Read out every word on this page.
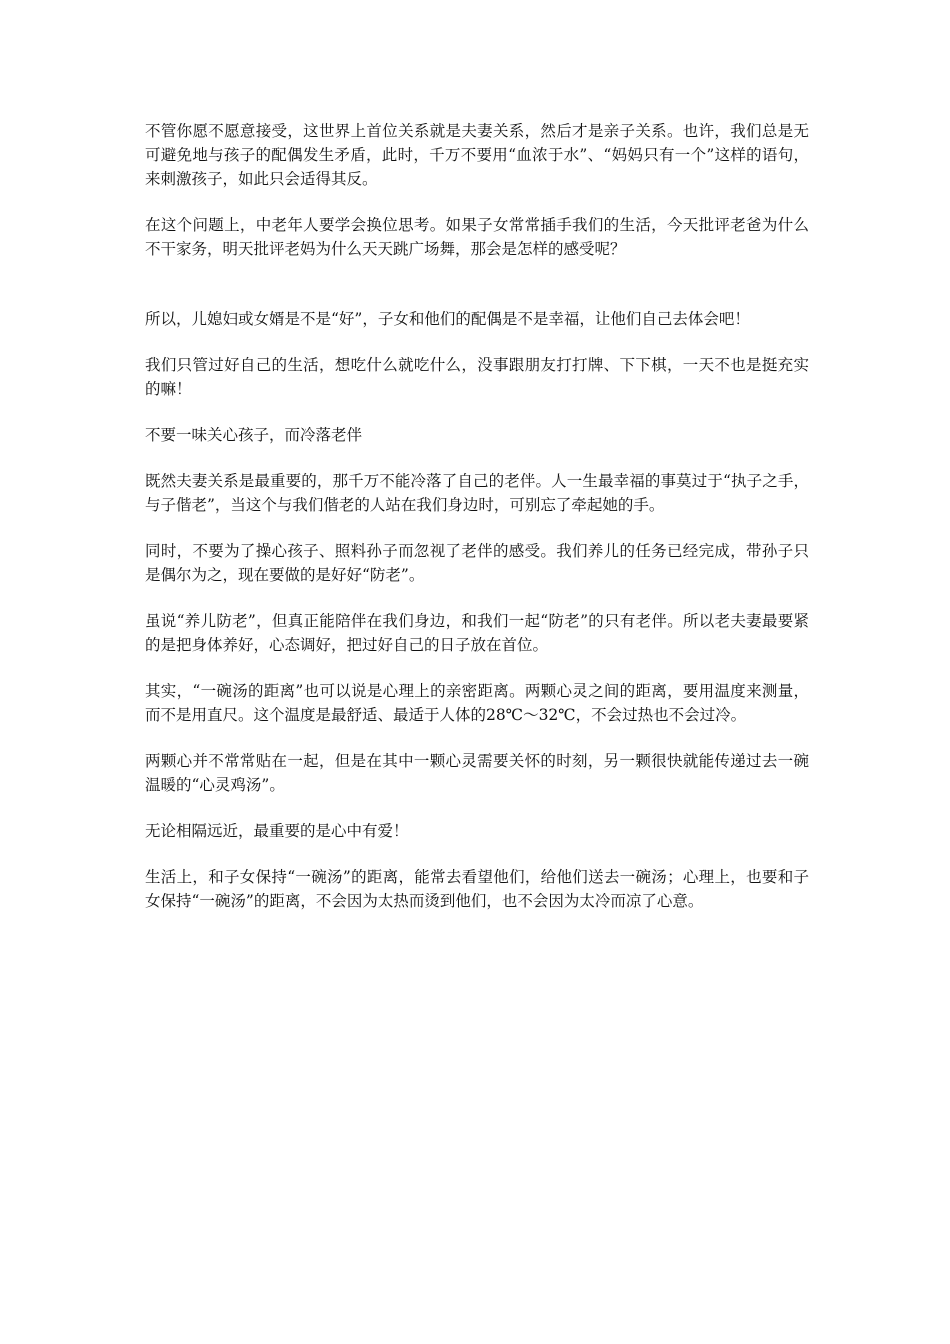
不管你愿不愿意接受，这世界上首位关系就是夫妻关系，然后才是亲子关系。也许，我们总是无可避免地与孩子的配偶发生矛盾，此时，千万不要用“血浓于水”、“妈妈只有一个”这样的语句，来刺激孩子，如此只会适得其反。

在这个问题上，中老年人要学会换位思考。如果子女常常插手我们的生活，今天批评老爸为什么不干家务，明天批评老妈为什么天天跳广场舞，那会是怎样的感受呢？

所以，儿媳妇或女婿是不是“好”，子女和他们的配偶是不是幸福，让他们自己去体会吧！

我们只管过好自己的生活，想吃什么就吃什么，没事跟朋友打打牌、下下棋，一天不也是挺充实的嘛！

不要一味关心孩子，而冷落老伴

既然夫妻关系是最重要的，那千万不能冷落了自己的老伴。人一生最幸福的事莫过于“执子之手，与子偕老”，当这个与我们偕老的人站在我们身边时，可别忘了牵起她的手。

同时，不要为了操心孩子、照料孙子而忽视了老伴的感受。我们养儿的任务已经完成，带孙子只是偶尔为之，现在要做的是好好“防老”。

虽说“养儿防老”，但真正能陪伴在我们身边，和我们一起“防老”的只有老伴。所以老夫妻最要紧的是把身体养好，心态调好，把过好自己的日子放在首位。

其实，“一碗汤的距离”也可以说是心理上的亲密距离。两颗心灵之间的距离，要用温度来测量，而不是用直尺。这个温度是最舒适、最适于人体的28℃～32℃，不会过热也不会过冷。

两颗心并不常常贴在一起，但是在其中一颗心灵需要关怀的时刻，另一颗很快就能传递过去一碗温暖的“心灵鸡汤”。

无论相隔远近，最重要的是心中有爱！

生活上，和子女保持“一碗汤”的距离，能常去看望他们，给他们送去一碗汤；心理上，也要和子女保持“一碗汤”的距离，不会因为太热而烫到他们，也不会因为太冷而凉了心意。
